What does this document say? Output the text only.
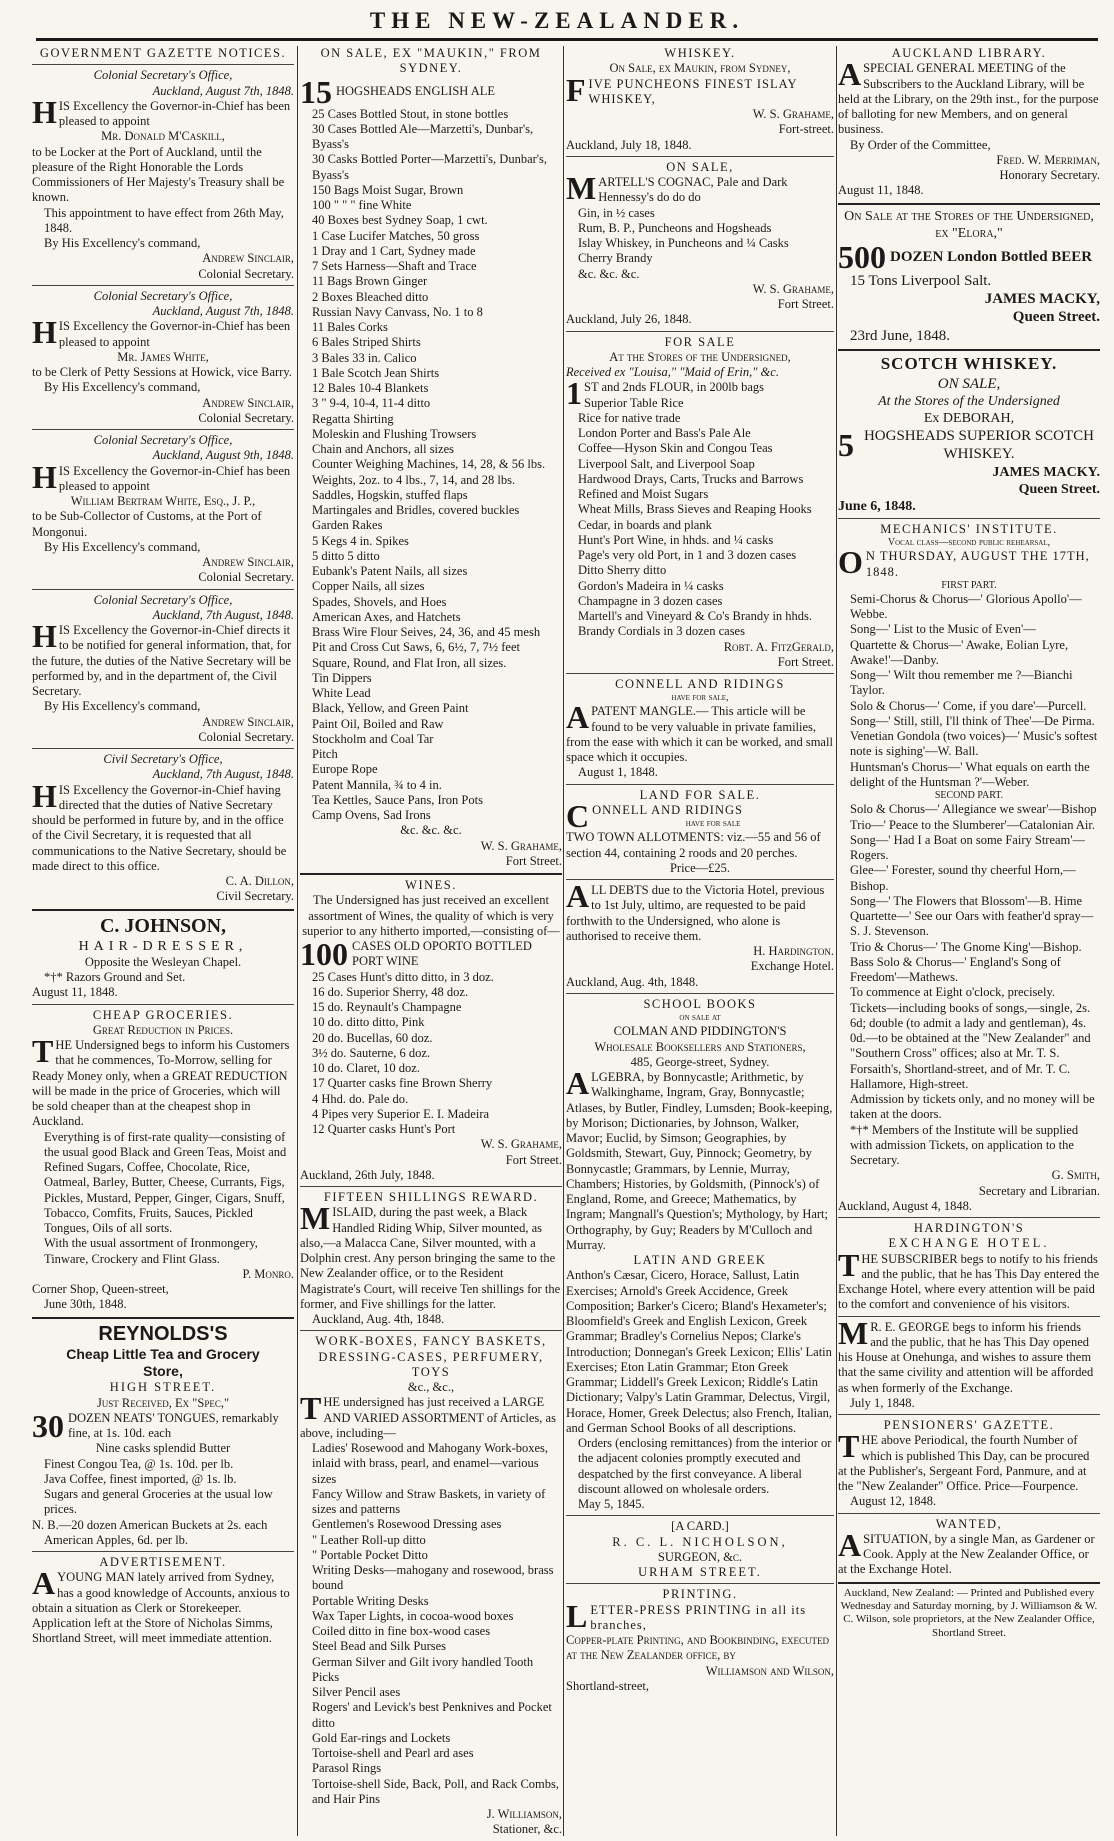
THE NEW-ZEALANDER.
GOVERNMENT GAZETTE NOTICES.

Colonial Secretary's Office,

Auckland, August 7th, 1848.

HIS Excellency the Governor-in-Chief has been pleased to appoint

Mr. Donald M'Caskill,

to be Locker at the Port of Auckland, until the pleasure of the Right Honorable the Lords Commissioners of Her Majesty's Treasury shall be known.

This appointment to have effect from 26th May, 1848.

By His Excellency's command,

Andrew Sinclair,

Colonial Secretary.

Colonial Secretary's Office,

Auckland, August 7th, 1848.

HIS Excellency the Governor-in-Chief has been pleased to appoint

Mr. James White,

to be Clerk of Petty Sessions at Howick, vice Barry.

By His Excellency's command,

Andrew Sinclair,

Colonial Secretary.

Colonial Secretary's Office,

Auckland, August 9th, 1848.

HIS Excellency the Governor-in-Chief has been pleased to appoint

William Bertram White, Esq., J. P.,

to be Sub-Collector of Customs, at the Port of Mongonui.

By His Excellency's command,

Andrew Sinclair,

Colonial Secretary.

Colonial Secretary's Office,

Auckland, 7th August, 1848.

HIS Excellency the Governor-in-Chief directs it to be notified for general information, that, for the future, the duties of the Native Secretary will be performed by, and in the department of, the Civil Secretary.

By His Excellency's command,

Andrew Sinclair,

Colonial Secretary.

Civil Secretary's Office,

Auckland, 7th August, 1848.

HIS Excellency the Governor-in-Chief having directed that the duties of Native Secretary should be performed in future by, and in the office of the Civil Secretary, it is requested that all communications to the Native Secretary, should be made direct to this office.

C. A. Dillon,

Civil Secretary.

C. JOHNSON,

HAIR-DRESSER,

Opposite the Wesleyan Chapel.

*†* Razors Ground and Set.

August 11, 1848.

CHEAP GROCERIES.

Great Reduction in Prices.

THE Undersigned begs to inform his Customers that he commences, To-Morrow, selling for Ready Money only, when a GREAT REDUCTION will be made in the price of Groceries, which will be sold cheaper than at the cheapest shop in Auckland.

Everything is of first-rate quality—consisting of the usual good Black and Green Teas, Moist and Refined Sugars, Coffee, Chocolate, Rice, Oatmeal, Barley, Butter, Cheese, Currants, Figs, Pickles, Mustard, Pepper, Ginger, Cigars, Snuff, Tobacco, Comfits, Fruits, Sauces, Pickled Tongues, Oils of all sorts.

With the usual assortment of Ironmongery, Tinware, Crockery and Flint Glass.

P. Monro.

Corner Shop, Queen-street,

June 30th, 1848.

REYNOLDS'S

Cheap Little Tea and Grocery

Store,

HIGH STREET.

Just Received, Ex "Spec,"

30 DOZEN NEATS' TONGUES, remarkably fine, at 1s. 10d. each

Nine casks splendid Butter

Finest Congou Tea, @ 1s. 10d. per lb.

Java Coffee, finest imported, @ 1s. lb.

Sugars and general Groceries at the usual low prices.

N. B.—20 dozen American Buckets at 2s. each

American Apples, 6d. per lb.

ADVERTISEMENT.

AYOUNG MAN lately arrived from Sydney, has a good knowledge of Accounts, anxious to obtain a situation as Clerk or Storekeeper. Application left at the Store of Nicholas Simms, Shortland Street, will meet immediate attention.

ON SALE, EX "MAUKIN," FROM SYDNEY.

15 HOGSHEADS ENGLISH ALE

25 Cases Bottled Stout, in stone bottles

30 Cases Bottled Ale—Marzetti's, Dunbar's, Byass's

30 Casks Bottled Porter—Marzetti's, Dunbar's, Byass's

150 Bags Moist Sugar, Brown

100 " " " fine White

40 Boxes best Sydney Soap, 1 cwt.

1 Case Lucifer Matches, 50 gross

1 Dray and 1 Cart, Sydney made

7 Sets Harness—Shaft and Trace

11 Bags Brown Ginger

2 Boxes Bleached ditto

Russian Navy Canvass, No. 1 to 8

11 Bales Corks

6 Bales Striped Shirts

3 Bales 33 in. Calico

1 Bale Scotch Jean Shirts

12 Bales 10-4 Blankets

3 " 9-4, 10-4, 11-4 ditto

Regatta Shirting

Moleskin and Flushing Trowsers

Chain and Anchors, all sizes

Counter Weighing Machines, 14, 28, & 56 lbs.

Weights, 2oz. to 4 lbs., 7, 14, and 28 lbs.

Saddles, Hogskin, stuffed flaps

Martingales and Bridles, covered buckles

Garden Rakes

5 Kegs 4 in. Spikes

5 ditto 5 ditto

Eubank's Patent Nails, all sizes

Copper Nails, all sizes

Spades, Shovels, and Hoes

American Axes, and Hatchets

Brass Wire Flour Seives, 24, 36, and 45 mesh

Pit and Cross Cut Saws, 6, 6½, 7, 7½ feet

Square, Round, and Flat Iron, all sizes.

Tin Dippers

White Lead

Black, Yellow, and Green Paint

Paint Oil, Boiled and Raw

Stockholm and Coal Tar

Pitch

Europe Rope

Patent Mannila, ¾ to 4 in.

Tea Kettles, Sauce Pans, Iron Pots

Camp Ovens, Sad Irons

&c. &c. &c.

W. S. Grahame,

Fort Street.

WINES.

The Undersigned has just received an excellent assortment of Wines, the quality of which is very superior to any hitherto imported,—consisting of—

100 CASES OLD OPORTO BOTTLED PORT WINE

25 Cases Hunt's ditto ditto, in 3 doz.

16 do. Superior Sherry, 48 doz.

15 do. Reynault's Champagne

10 do. ditto ditto, Pink

20 do. Bucellas, 60 doz.

3½ do. Sauterne, 6 doz.

10 do. Claret, 10 doz.

17 Quarter casks fine Brown Sherry

4 Hhd. do. Pale do.

4 Pipes very Superior E. I. Madeira

12 Quarter casks Hunt's Port

W. S. Grahame,

Fort Street.

Auckland, 26th July, 1848.

FIFTEEN SHILLINGS REWARD.

MISLAID, during the past week, a Black Handled Riding Whip, Silver mounted, as also,—a Malacca Cane, Silver mounted, with a Dolphin crest. Any person bringing the same to the New Zealander office, or to the Resident Magistrate's Court, will receive Ten shillings for the former, and Five shillings for the latter.

Auckland, Aug. 4th, 1848.

WORK-BOXES, FANCY BASKETS, DRESSING-CASES, PERFUMERY, TOYS

&c., &c.,

THE undersigned has just received a LARGE AND VARIED ASSORTMENT of Articles, as above, including—

Ladies' Rosewood and Mahogany Work-boxes, inlaid with brass, pearl, and enamel—various sizes

Fancy Willow and Straw Baskets, in variety of sizes and patterns

Gentlemen's Rosewood Dressing ases

" Leather Roll-up ditto

" Portable Pocket Ditto

Writing Desks—mahogany and rosewood, brass bound

Portable Writing Desks

Wax Taper Lights, in cocoa-wood boxes

Coiled ditto in fine box-wood cases

Steel Bead and Silk Purses

German Silver and Gilt ivory handled Tooth Picks

Silver Pencil ases

Rogers' and Levick's best Penknives and Pocket ditto

Gold Ear-rings and Lockets

Tortoise-shell and Pearl ard ases

Parasol Rings

Tortoise-shell Side, Back, Poll, and Rack Combs, and Hair Pins

J. Williamson,

Stationer, &c.

WHISKEY.

On Sale, ex Maukin, from Sydney,

FIVE PUNCHEONS FINEST ISLAY WHISKEY,

W. S. Grahame,

Fort-street.

Auckland, July 18, 1848.

ON SALE,

MARTELL'S COGNAC, Pale and Dark Hennessy's do do do

Gin, in ½ cases

Rum, B. P., Puncheons and Hogsheads

Islay Whiskey, in Puncheons and ¼ Casks

Cherry Brandy

&c. &c. &c.

W. S. Grahame,

Fort Street.

Auckland, July 26, 1848.

FOR SALE

At the Stores of the Undersigned,

Received ex "Louisa," "Maid of Erin," &c.

1ST and 2nds FLOUR, in 200lb bags

Superior Table Rice

Rice for native trade

London Porter and Bass's Pale Ale

Coffee—Hyson Skin and Congou Teas

Liverpool Salt, and Liverpool Soap

Hardwood Drays, Carts, Trucks and Barrows

Refined and Moist Sugars

Wheat Mills, Brass Sieves and Reaping Hooks

Cedar, in boards and plank

Hunt's Port Wine, in hhds. and ¼ casks

Page's very old Port, in 1 and 3 dozen cases

Ditto Sherry ditto

Gordon's Madeira in ¼ casks

Champagne in 3 dozen cases

Martell's and Vineyard & Co's Brandy in hhds.

Brandy Cordials in 3 dozen cases

Robt. A. FitzGerald,

Fort Street.

CONNELL AND RIDINGS

have for sale,

APATENT MANGLE.— This article will be found to be very valuable in private families, from the ease with which it can be worked, and small space which it occupies.

August 1, 1848.

LAND FOR SALE.

CONNELL AND RIDINGS

have for sale

TWO TOWN ALLOTMENTS: viz.—55 and 56 of section 44, containing 2 roods and 20 perches.

Price—£25.

ALL DEBTS due to the Victoria Hotel, previous to 1st July, ultimo, are requested to be paid forthwith to the Undersigned, who alone is authorised to receive them.

H. Hardington.

Exchange Hotel.

Auckland, Aug. 4th, 1848.

SCHOOL BOOKS

on sale at

COLMAN AND PIDDINGTON'S

Wholesale Booksellers and Stationers,

485, George-street, Sydney.

ALGEBRA, by Bonnycastle; Arithmetic, by Walkinghame, Ingram, Gray, Bonnycastle; Atlases, by Butler, Findley, Lumsden; Book-keeping, by Morison; Dictionaries, by Johnson, Walker, Mavor; Euclid, by Simson; Geographies, by Goldsmith, Stewart, Guy, Pinnock; Geometry, by Bonnycastle; Grammars, by Lennie, Murray, Chambers; Histories, by Goldsmith, (Pinnock's) of England, Rome, and Greece; Mathematics, by Ingram; Mangnall's Question's; Mythology, by Hart; Orthography, by Guy; Readers by M'Culloch and Murray.

LATIN AND GREEK

Anthon's Cæsar, Cicero, Horace, Sallust, Latin Exercises; Arnold's Greek Accidence, Greek Composition; Barker's Cicero; Bland's Hexameter's; Bloomfield's Greek and English Lexicon, Greek Grammar; Bradley's Cornelius Nepos; Clarke's Introduction; Donnegan's Greek Lexicon; Ellis' Latin Exercises; Eton Latin Grammar; Eton Greek Grammar; Liddell's Greek Lexicon; Riddle's Latin Dictionary; Valpy's Latin Grammar, Delectus, Virgil, Horace, Homer, Greek Delectus; also French, Italian, and German School Books of all descriptions.

Orders (enclosing remittances) from the interior or the adjacent colonies promptly executed and despatched by the first conveyance. A liberal discount allowed on wholesale orders.

May 5, 1845.

[A CARD.]

R. C. L. NICHOLSON,

SURGEON, &c.

URHAM STREET.

PRINTING.

LETTER-PRESS PRINTING in all its branches,

Copper-plate Printing, and Bookbinding, executed at the New Zealander office, by

Williamson and Wilson,

Shortland-street,

AUCKLAND LIBRARY.

ASPECIAL GENERAL MEETING of the Subscribers to the Auckland Library, will be held at the Library, on the 29th inst., for the purpose of balloting for new Members, and on general business.

By Order of the Committee,

Fred. W. Merriman,

Honorary Secretary.

August 11, 1848.

On Sale at the Stores of the Undersigned, ex "Elora,"

500 DOZEN London Bottled BEER

15 Tons Liverpool Salt.

JAMES MACKY,

Queen Street.

23rd June, 1848.

SCOTCH WHISKEY.

ON SALE,

At the Stores of the Undersigned

Ex DEBORAH,

5 HOGSHEADS SUPERIOR SCOTCH WHISKEY.

JAMES MACKY.

Queen Street.

June 6, 1848.

MECHANICS' INSTITUTE.

Vocal class—second public rehearsal,

ON THURSDAY, AUGUST THE 17TH, 1848.

FIRST PART.

Semi-Chorus & Chorus—' Glorious Apollo'—Webbe.

Song—' List to the Music of Even'—

Quartette & Chorus—' Awake, Eolian Lyre, Awake!'—Danby.

Song—' Wilt thou remember me ?—Bianchi Taylor.

Solo & Chorus—' Come, if you dare'—Purcell.

Song—' Still, still, I'll think of Thee'—De Pirma.

Venetian Gondola (two voices)—' Music's softest note is sighing'—W. Ball.

Huntsman's Chorus—' What equals on earth the delight of the Huntsman ?'—Weber.

SECOND PART.

Solo & Chorus—' Allegiance we swear'—Bishop

Trio—' Peace to the Slumberer'—Catalonian Air.

Song—' Had I a Boat on some Fairy Stream'—Rogers.

Glee—' Forester, sound thy cheerful Horn,—Bishop.

Song—' The Flowers that Blossom'—B. Hime

Quartette—' See our Oars with feather'd spray—S. J. Stevenson.

Trio & Chorus—' The Gnome King'—Bishop.

Bass Solo & Chorus—' England's Song of Freedom'—Mathews.

To commence at Eight o'clock, precisely.

Tickets—including books of songs,—single, 2s. 6d; double (to admit a lady and gentleman), 4s. 0d.—to be obtained at the "New Zealander" and "Southern Cross" offices; also at Mr. T. S. Forsaith's, Shortland-street, and of Mr. T. C. Hallamore, High-street.

Admission by tickets only, and no money will be taken at the doors.

*†* Members of the Institute will be supplied with admission Tickets, on application to the Secretary.

G. Smith,

Secretary and Librarian.

Auckland, August 4, 1848.

HARDINGTON'S

EXCHANGE HOTEL.

THE SUBSCRIBER begs to notify to his friends and the public, that he has This Day entered the Exchange Hotel, where every attention will be paid to the comfort and convenience of his visitors.

MR. E. GEORGE begs to inform his friends and the public, that he has This Day opened his House at Onehunga, and wishes to assure them that the same civility and attention will be afforded as when formerly of the Exchange.

July 1, 1848.

PENSIONERS' GAZETTE.

THE above Periodical, the fourth Number of which is published This Day, can be procured at the Publisher's, Sergeant Ford, Panmure, and at the "New Zealander" Office. Price—Fourpence.

August 12, 1848.

WANTED,

ASITUATION, by a single Man, as Gardener or Cook. Apply at the New Zealander Office, or at the Exchange Hotel.

Auckland, New Zealand: — Printed and Published every Wednesday and Saturday morning, by J. Williamson & W. C. Wilson, sole proprietors, at the New Zealander Office, Shortland Street.
